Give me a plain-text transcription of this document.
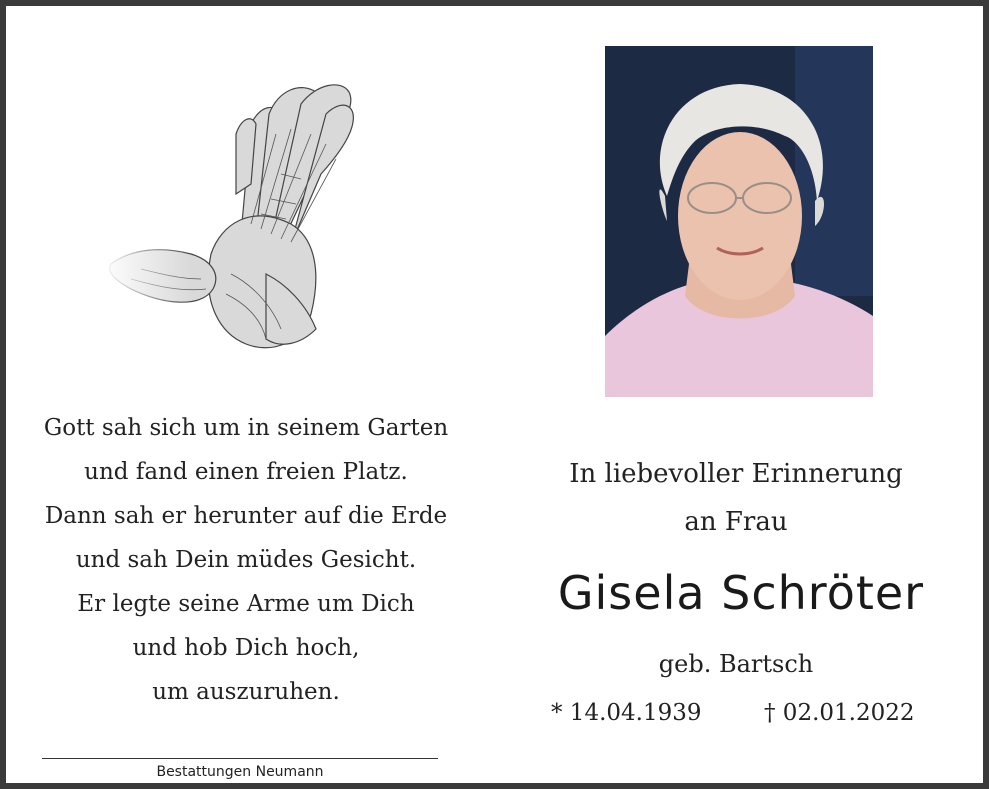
Gott sah sich um in seinem Garten
und fand einen freien Platz.
Dann sah er herunter auf die Erde
und sah Dein müdes Gesicht.
Er legte seine Arme um Dich
und hob Dich hoch,
um auszuruhen.
Bestattungen Neumann
In liebevoller Erinnerung
an Frau
Gisela Schröter
geb. Bartsch
* 14.04.1939	† 02.01.2022
